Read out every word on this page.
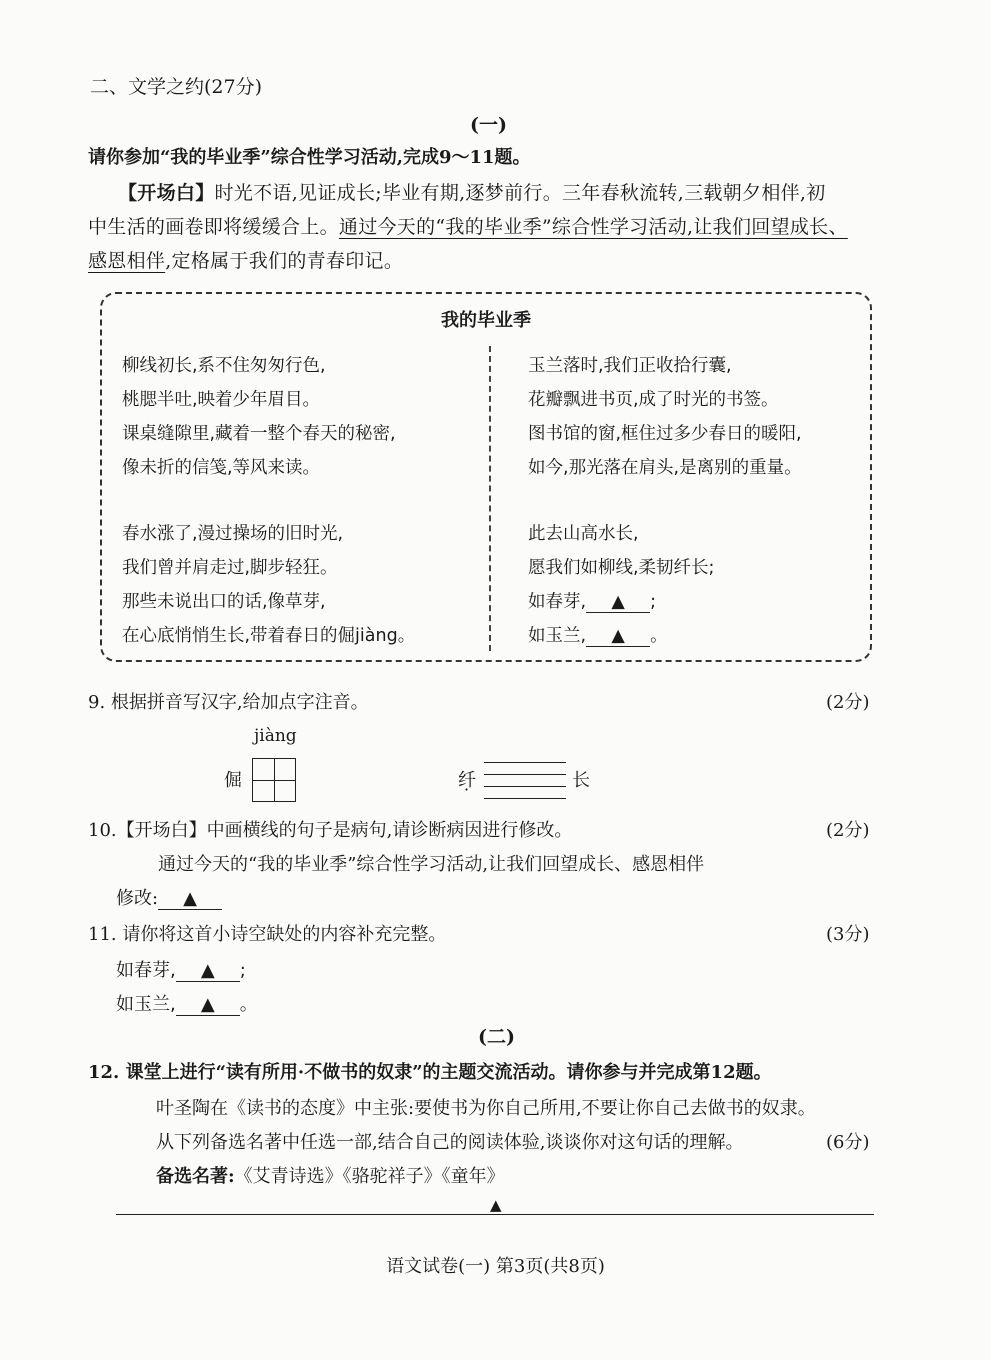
二、文学之约(27分)
(一)
请你参加“我的毕业季”综合性学习活动,完成9～11题。
【开场白】时光不语,见证成长;毕业有期,逐梦前行。三年春秋流转,三载朝夕相伴,初
中生活的画卷即将缓缓合上。通过今天的“我的毕业季”综合性学习活动,让我们回望成长、
感恩相伴,定格属于我们的青春印记。
我的毕业季
柳线初长,系不住匆匆行色,
桃腮半吐,映着少年眉目。
课桌缝隙里,藏着一整个春天的秘密,
像未折的信笺,等风来读。
春水涨了,漫过操场的旧时光,
我们曾并肩走过,脚步轻狂。
那些未说出口的话,像草芽,
在心底悄悄生长,带着春日的倔jiàng。
玉兰落时,我们正收拾行囊,
花瓣飘进书页,成了时光的书签。
图书馆的窗,框住过多少春日的暖阳,
如今,那光落在肩头,是离别的重量。
此去山高水长,
愿我们如柳线,柔韧纤长;
如春芽, ▲ ;
如玉兰, ▲ 。
9. 根据拼音写汉字,给加点字注音。	(2分)
jiàng
倔	纤 ·	长
10.【开场白】中画横线的句子是病句,请诊断病因进行修改。	(2分)
通过今天的“我的毕业季”综合性学习活动,让我们回望成长、感恩相伴
修改: ▲
11. 请你将这首小诗空缺处的内容补充完整。	(3分)
如春芽, ▲ ;
如玉兰, ▲ 。
(二)
12. 课堂上进行“读有所用·不做书的奴隶”的主题交流活动。请你参与并完成第12题。
叶圣陶在《读书的态度》中主张:要使书为你自己所用,不要让你自己去做书的奴隶。
从下列备选名著中任选一部,结合自己的阅读体验,谈谈你对这句话的理解。	(6分)
备选名著:《艾青诗选》《骆驼祥子》《童年》
▲
语文试卷(一) 第3页(共8页)
